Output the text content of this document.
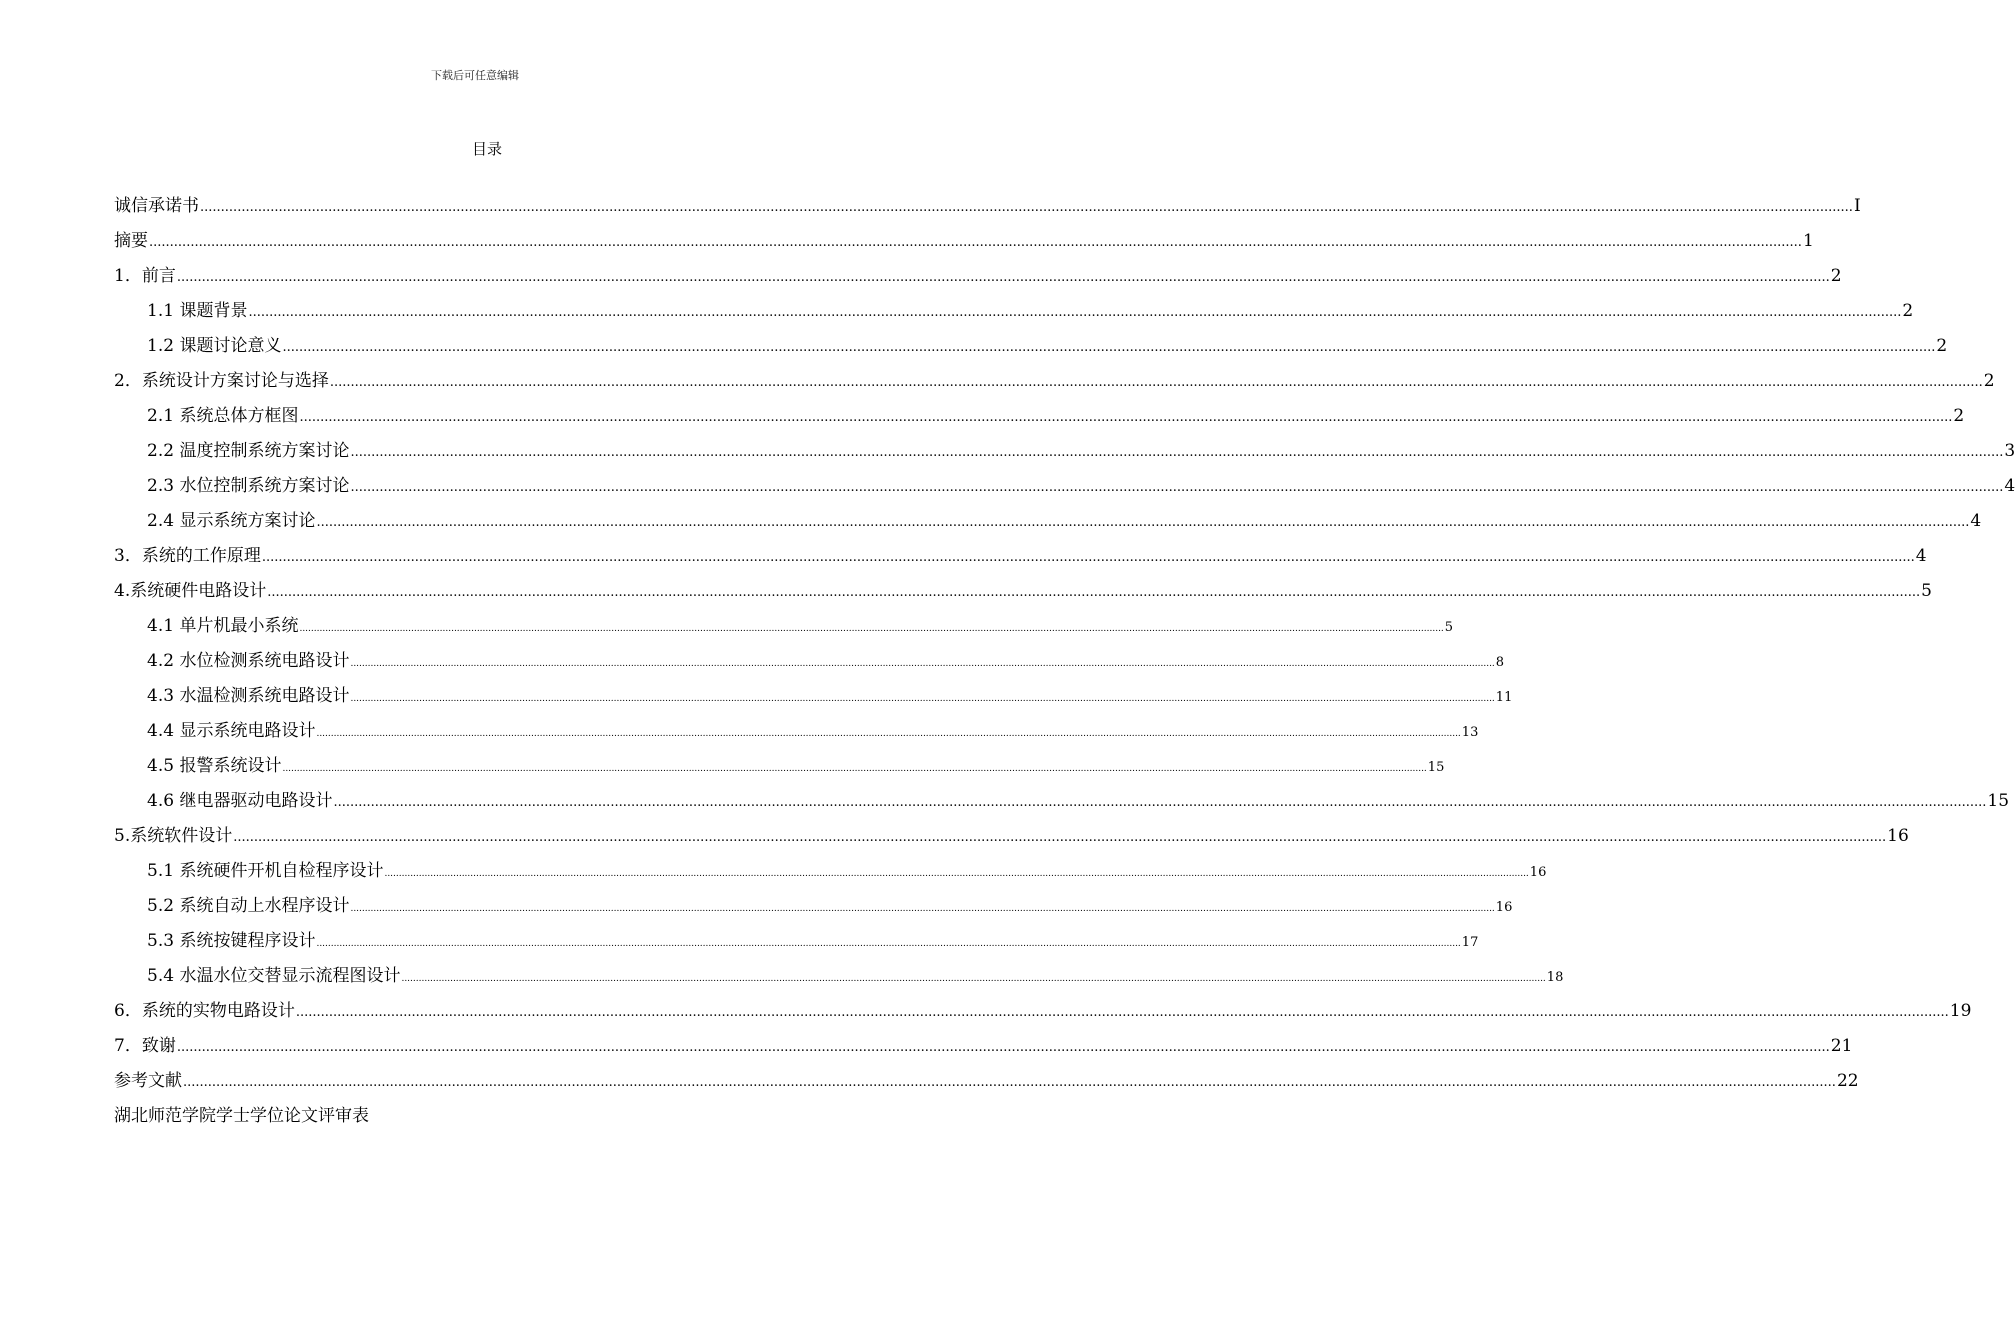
下载后可任意编辑
目录
诚信承诺书 ................................................................................................................................................................................................................................................................................................................................................................................................................ I
摘要 ................................................................................................................................................................................................................................................................................................................................................................................................................ 1
1．前言 ................................................................................................................................................................................................................................................................................................................................................................................................................ 2
1.1 课题背景 ................................................................................................................................................................................................................................................................................................................................................................................................................ 2
1.2 课题讨论意义 ................................................................................................................................................................................................................................................................................................................................................................................................................ 2
2．系统设计方案讨论与选择 ................................................................................................................................................................................................................................................................................................................................................................................................................ 2
2.1 系统总体方框图 ................................................................................................................................................................................................................................................................................................................................................................................................................ 2
2.2 温度控制系统方案讨论 ................................................................................................................................................................................................................................................................................................................................................................................................................ 3
2.3 水位控制系统方案讨论 ................................................................................................................................................................................................................................................................................................................................................................................................................ 4
2.4 显示系统方案讨论 ................................................................................................................................................................................................................................................................................................................................................................................................................ 4
3．系统的工作原理 ................................................................................................................................................................................................................................................................................................................................................................................................................ 4
4.系统硬件电路设计 ................................................................................................................................................................................................................................................................................................................................................................................................................ 5
4.1 单片机最小系统 ................................................................................................................................................................................................................................................................................................................................................................................................................ 5
4.2 水位检测系统电路设计 ................................................................................................................................................................................................................................................................................................................................................................................................................ 8
4.3 水温检测系统电路设计 ................................................................................................................................................................................................................................................................................................................................................................................................................ 11
4.4 显示系统电路设计 ................................................................................................................................................................................................................................................................................................................................................................................................................ 13
4.5 报警系统设计 ................................................................................................................................................................................................................................................................................................................................................................................................................ 15
4.6 继电器驱动电路设计 ................................................................................................................................................................................................................................................................................................................................................................................................................ 15
5.系统软件设计 ................................................................................................................................................................................................................................................................................................................................................................................................................ 16
5.1 系统硬件开机自检程序设计 ................................................................................................................................................................................................................................................................................................................................................................................................................ 16
5.2 系统自动上水程序设计 ................................................................................................................................................................................................................................................................................................................................................................................................................ 16
5.3 系统按键程序设计 ................................................................................................................................................................................................................................................................................................................................................................................................................ 17
5.4 水温水位交替显示流程图设计 ................................................................................................................................................................................................................................................................................................................................................................................................................ 18
6．系统的实物电路设计 ................................................................................................................................................................................................................................................................................................................................................................................................................ 19
7．致谢 ................................................................................................................................................................................................................................................................................................................................................................................................................ 21
参考文献 ................................................................................................................................................................................................................................................................................................................................................................................................................ 22
湖北师范学院学士学位论文评审表
